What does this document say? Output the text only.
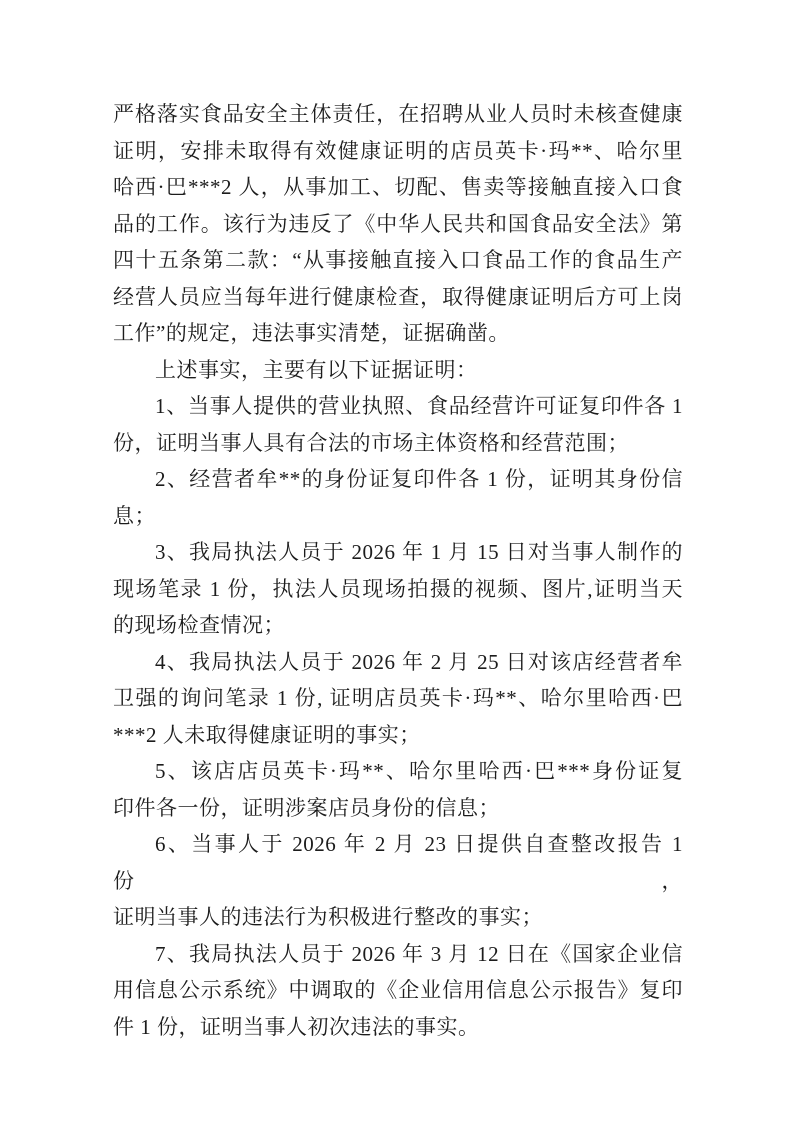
严格落实食品安全主体责任，在招聘从业人员时未核查健康
证明，安排未取得有效健康证明的店员英卡·玛**、哈尔里
哈西·巴***2 人，从事加工、切配、售卖等接触直接入口食
品的工作。该行为违反了《中华人民共和国食品安全法》第
四十五条第二款：“从事接触直接入口食品工作的食品生产
经营人员应当每年进行健康检查，取得健康证明后方可上岗
工作”的规定，违法事实清楚，证据确凿。
上述事实，主要有以下证据证明：
1、当事人提供的营业执照、食品经营许可证复印件各 1
份，证明当事人具有合法的市场主体资格和经营范围；
2、经营者牟**的身份证复印件各 1 份，证明其身份信
息；
3、我局执法人员于 2026 年 1 月 15 日对当事人制作的
现场笔录 1 份，执法人员现场拍摄的视频、图片,证明当天
的现场检查情况；
4、我局执法人员于 2026 年 2 月 25 日对该店经营者牟
卫强的询问笔录 1 份, 证明店员英卡·玛**、哈尔里哈西·巴
***2 人未取得健康证明的事实；
5、该店店员英卡·玛**、哈尔里哈西·巴***身份证复
印件各一份，证明涉案店员身份的信息；
6、当事人于 2026 年 2 月 23 日提供自查整改报告 1 份，
证明当事人的违法行为积极进行整改的事实；
7、我局执法人员于 2026 年 3 月 12 日在《国家企业信
用信息公示系统》中调取的《企业信用信息公示报告》复印
件 1 份，证明当事人初次违法的事实。
